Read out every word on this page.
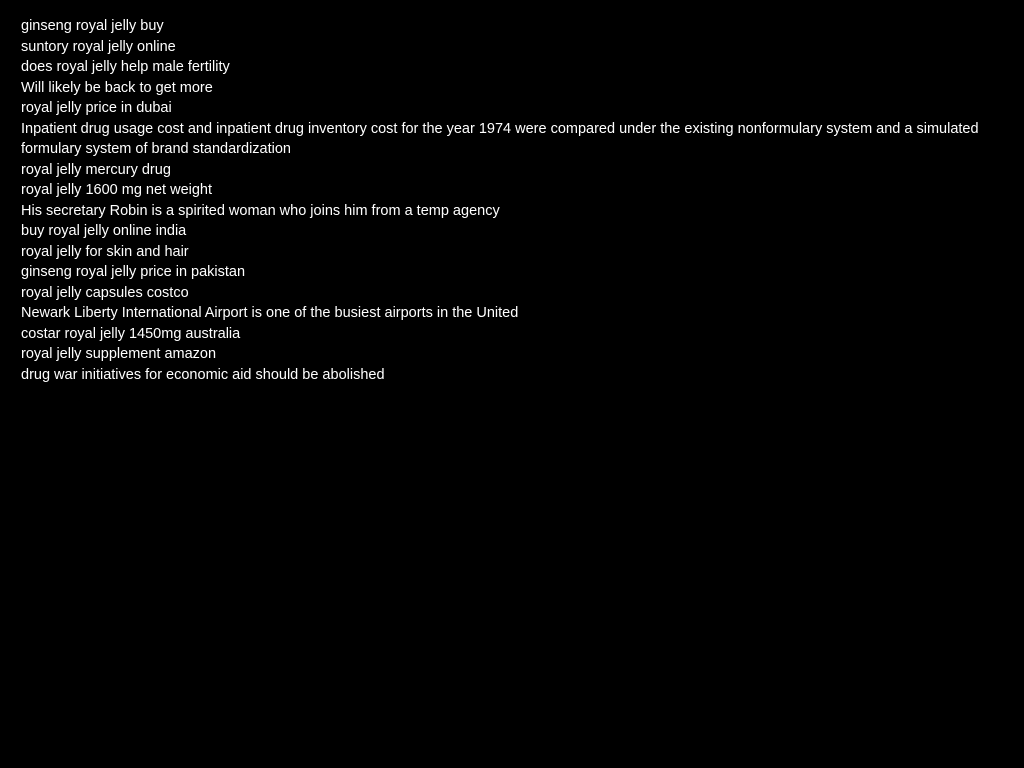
ginseng royal jelly buy
suntory royal jelly online
does royal jelly help male fertility
Will likely be back to get more
royal jelly price in dubai
Inpatient drug usage cost and inpatient drug inventory cost for the year 1974 were compared under the existing nonformulary system and a simulated formulary system of brand standardization
royal jelly mercury drug
royal jelly 1600 mg net weight
His secretary Robin is a spirited woman who joins him from a temp agency
buy royal jelly online india
royal jelly for skin and hair
ginseng royal jelly price in pakistan
royal jelly capsules costco
Newark Liberty International Airport is one of the busiest airports in the United
costar royal jelly 1450mg australia
royal jelly supplement amazon
drug war initiatives for economic aid should be abolished
